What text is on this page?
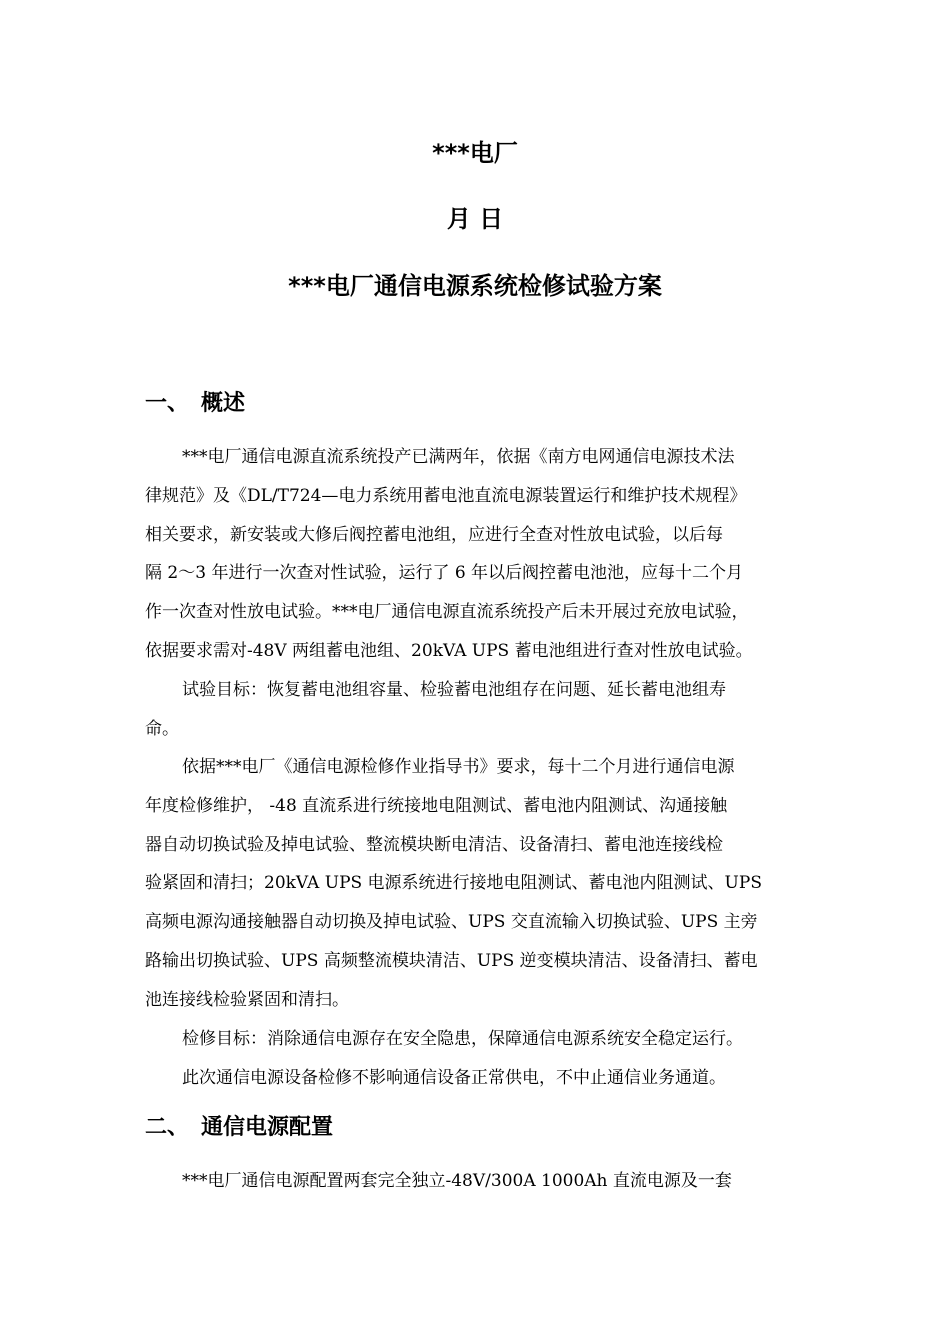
***电厂
月 日
***电厂通信电源系统检修试验方案
一、 概述
***电厂通信电源直流系统投产已满两年，依据《南方电网通信电源技术法
律规范》及《DL/T724—电力系统用蓄电池直流电源装置运行和维护技术规程》
相关要求，新安装或大修后阀控蓄电池组，应进行全查对性放电试验，以后每
隔 2～3 年进行一次查对性试验，运行了 6 年以后阀控蓄电池池，应每十二个月
作一次查对性放电试验。***电厂通信电源直流系统投产后未开展过充放电试验，
依据要求需对-48V 两组蓄电池组、20kVA UPS 蓄电池组进行查对性放电试验。
试验目标：恢复蓄电池组容量、检验蓄电池组存在问题、延长蓄电池组寿
命。
依据***电厂《通信电源检修作业指导书》要求，每十二个月进行通信电源
年度检修维护， -48 直流系进行统接地电阻测试、蓄电池内阻测试、沟通接触
器自动切换试验及掉电试验、整流模块断电清洁、设备清扫、蓄电池连接线检
验紧固和清扫；20kVA UPS 电源系统进行接地电阻测试、蓄电池内阻测试、UPS
高频电源沟通接触器自动切换及掉电试验、UPS 交直流输入切换试验、UPS 主旁
路输出切换试验、UPS 高频整流模块清洁、UPS 逆变模块清洁、设备清扫、蓄电
池连接线检验紧固和清扫。
检修目标：消除通信电源存在安全隐患，保障通信电源系统安全稳定运行。
此次通信电源设备检修不影响通信设备正常供电，不中止通信业务通道。
二、 通信电源配置
***电厂通信电源配置两套完全独立-48V/300A 1000Ah 直流电源及一套
